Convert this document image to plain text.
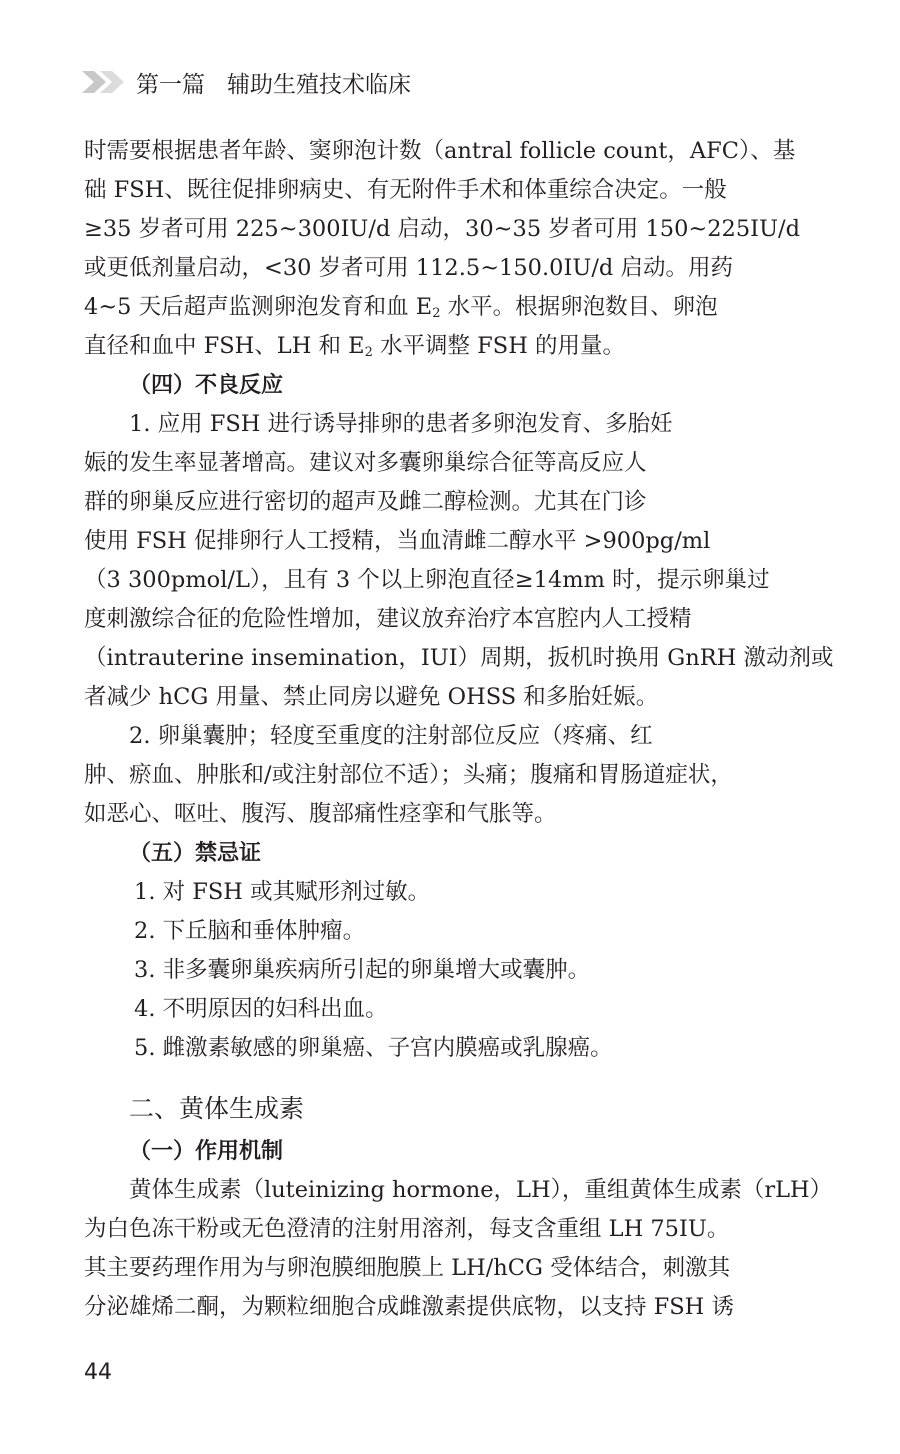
第一篇 辅助生殖技术临床
时需要根据患者年龄、窦卵泡计数（antral follicle count，AFC）、基
础 FSH、既往促排卵病史、有无附件手术和体重综合决定。一般
≥35 岁者可用 225~300IU/d 启动，30~35 岁者可用 150~225IU/d
或更低剂量启动，<30 岁者可用 112.5~150.0IU/d 启动。用药
4~5 天后超声监测卵泡发育和血 $E_2$ 水平。根据卵泡数目、卵泡
直径和血中 FSH、LH 和 $E_2$ 水平调整 FSH 的用量。
（四）不良反应
1. 应用 FSH 进行诱导排卵的患者多卵泡发育、多胎妊
娠的发生率显著增高。建议对多囊卵巢综合征等高反应人
群的卵巢反应进行密切的超声及雌二醇检测。尤其在门诊
使用 FSH 促排卵行人工授精，当血清雌二醇水平 >900pg/ml
（3 300pmol/L），且有 3 个以上卵泡直径≥14mm 时，提示卵巢过
度刺激综合征的危险性增加，建议放弃治疗本宫腔内人工授精
（intrauterine insemination，IUI）周期，扳机时换用 GnRH 激动剂或
者减少 hCG 用量、禁止同房以避免 OHSS 和多胎妊娠。
2. 卵巢囊肿；轻度至重度的注射部位反应（疼痛、红
肿、瘀血、肿胀和/或注射部位不适）；头痛；腹痛和胃肠道症状，
如恶心、呕吐、腹泻、腹部痛性痉挛和气胀等。
（五）禁忌证
1. 对 FSH 或其赋形剂过敏。
2. 下丘脑和垂体肿瘤。
3. 非多囊卵巢疾病所引起的卵巢增大或囊肿。
4. 不明原因的妇科出血。
5. 雌激素敏感的卵巢癌、子宫内膜癌或乳腺癌。
二、黄体生成素
（一）作用机制
黄体生成素（luteinizing hormone，LH），重组黄体生成素（rLH）
为白色冻干粉或无色澄清的注射用溶剂，每支含重组 LH 75IU。
其主要药理作用为与卵泡膜细胞膜上 LH/hCG 受体结合，刺激其
分泌雄烯二酮，为颗粒细胞合成雌激素提供底物，以支持 FSH 诱
44
